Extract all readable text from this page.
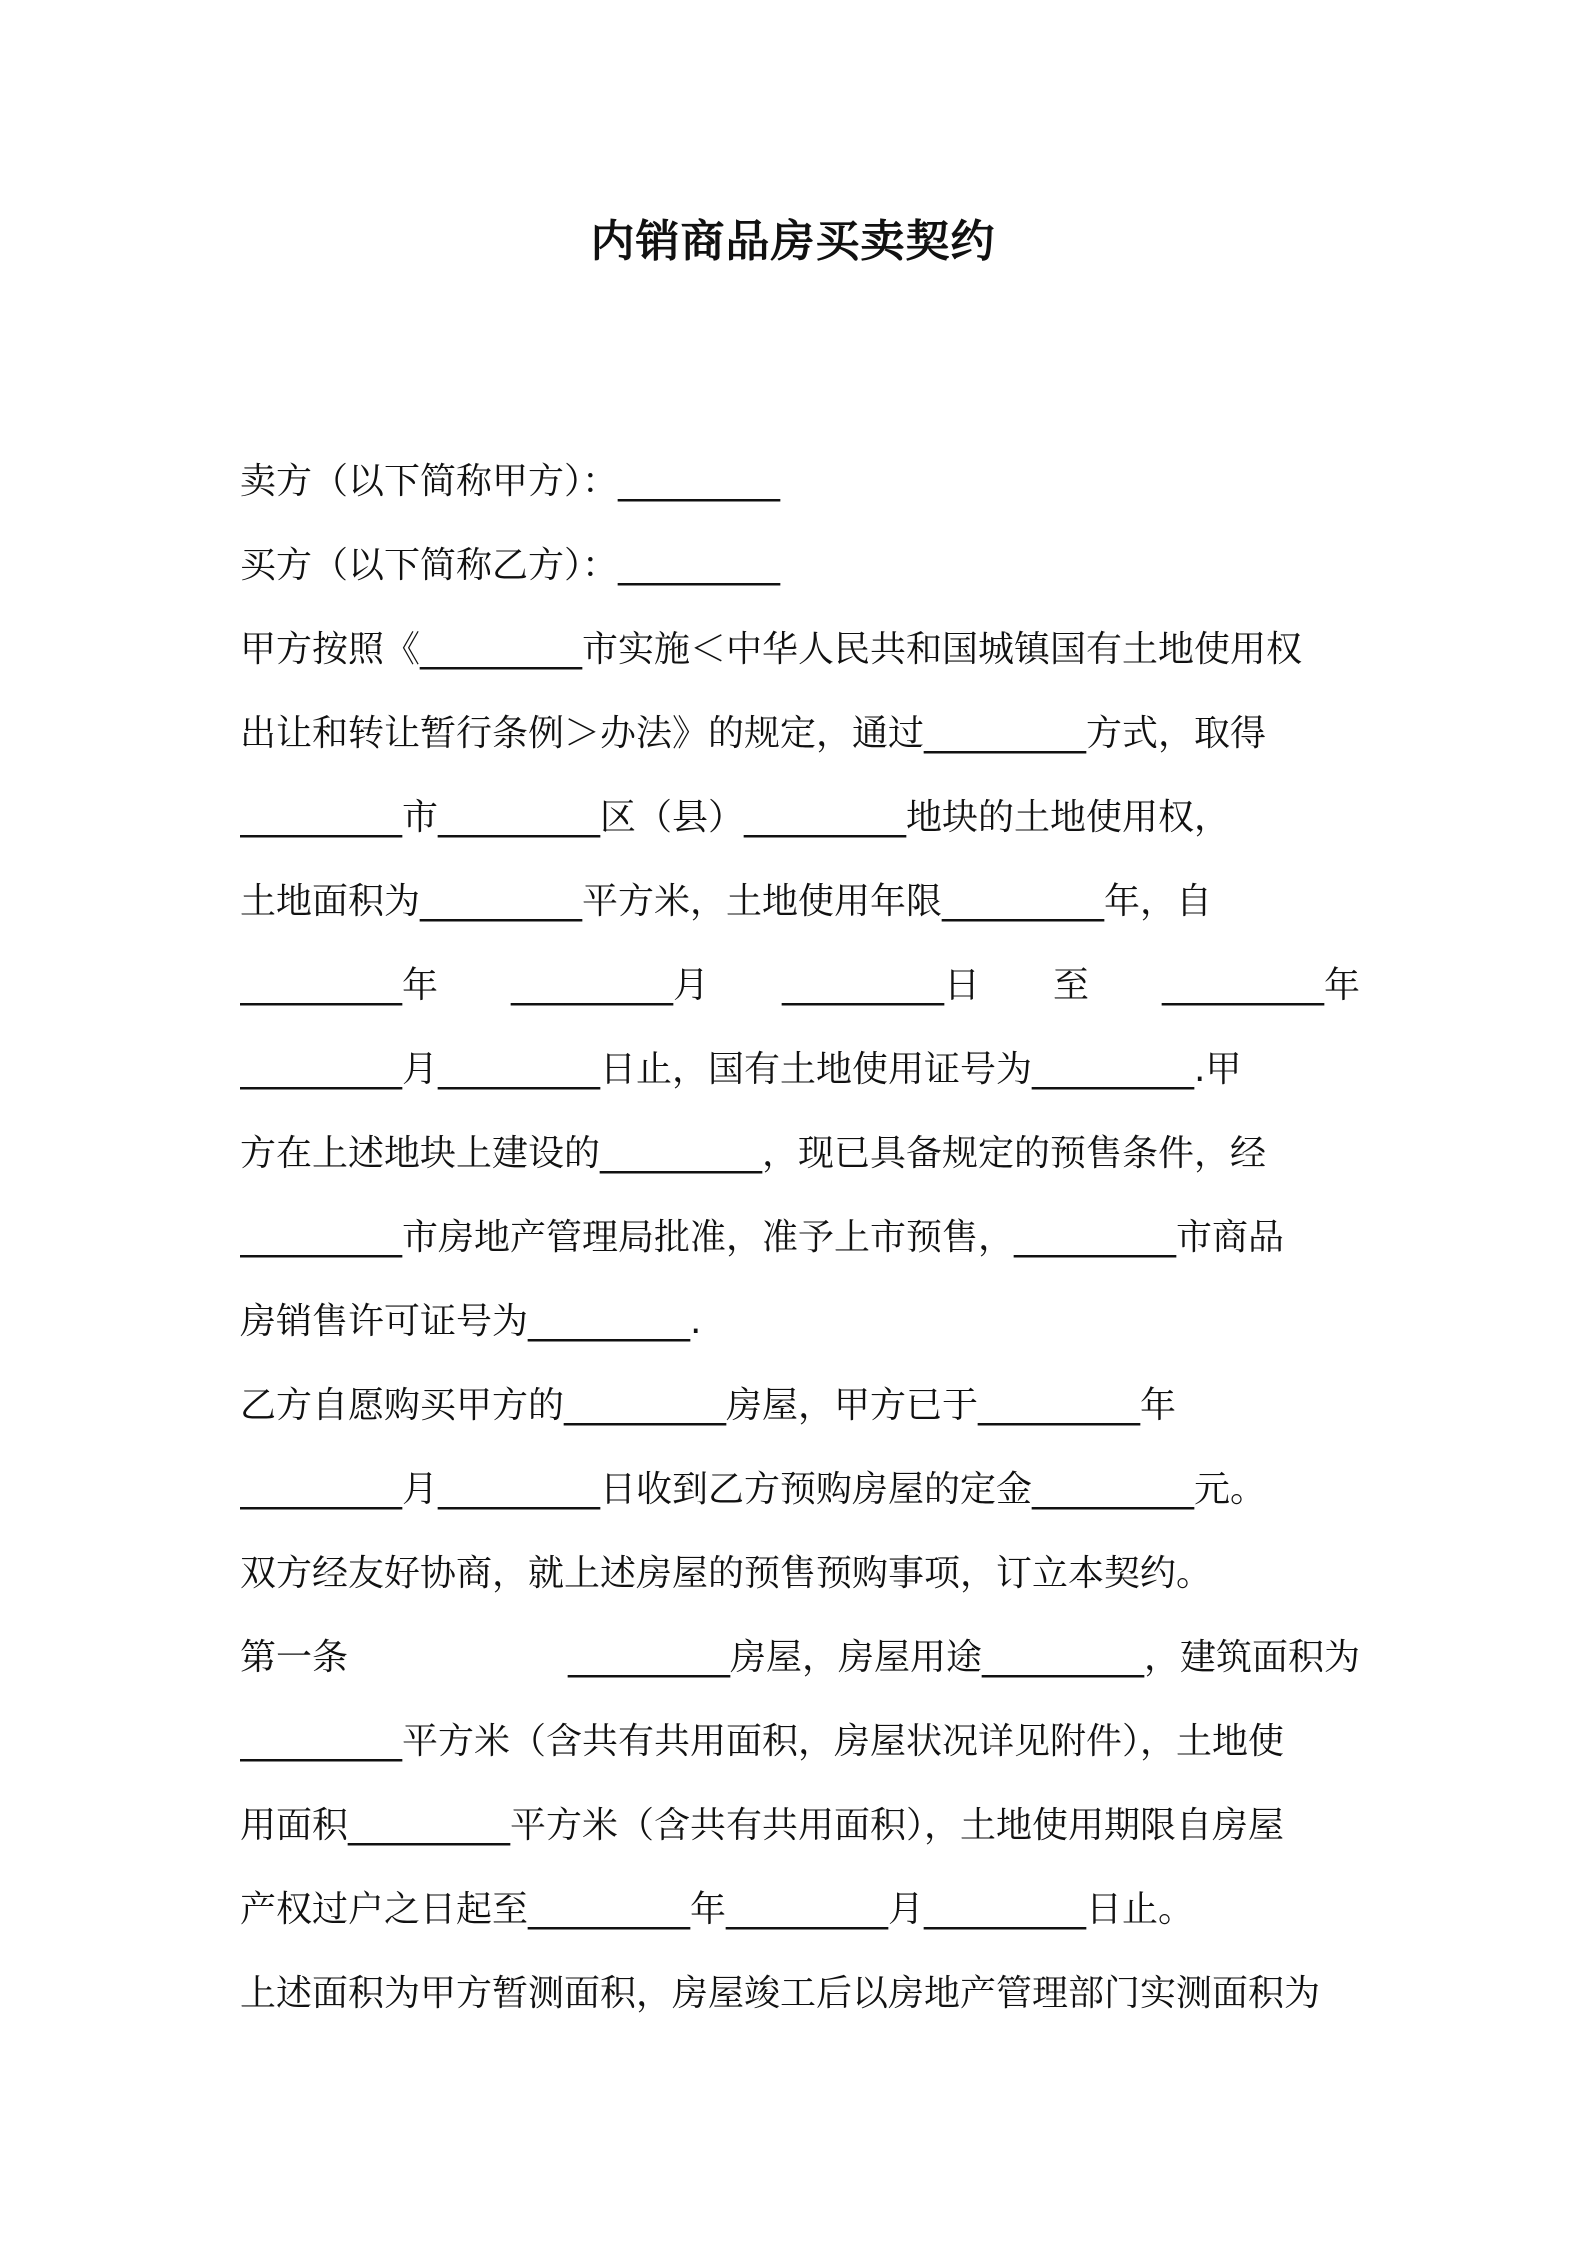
内销商品房买卖契约
卖方（以下简称甲方）：_________
买方（以下简称乙方）：_________
甲方按照《_________市实施＜中华人民共和国城镇国有土地使用权
出让和转让暂行条例＞办法》的规定，通过_________方式，取得
_________市_________区（县）_________地块的土地使用权，
土地面积为_________平方米，土地使用年限_________年，自
_________年 _________月 _________日 至 _________年
_________月_________日止，国有土地使用证号为_________.甲
方在上述地块上建设的_________，现已具备规定的预售条件，经
_________市房地产管理局批准，准予上市预售，_________市商品
房销售许可证号为_________.
乙方自愿购买甲方的_________房屋，甲方已于_________年
_________月_________日收到乙方预购房屋的定金_________元。
双方经友好协商，就上述房屋的预售预购事项，订立本契约。
第一条	_________房屋，房屋用途_________，建筑面积为
_________平方米（含共有共用面积，房屋状况详见附件），土地使
用面积_________平方米（含共有共用面积），土地使用期限自房屋
产权过户之日起至_________年_________月_________日止。
上述面积为甲方暂测面积，房屋竣工后以房地产管理部门实测面积为
